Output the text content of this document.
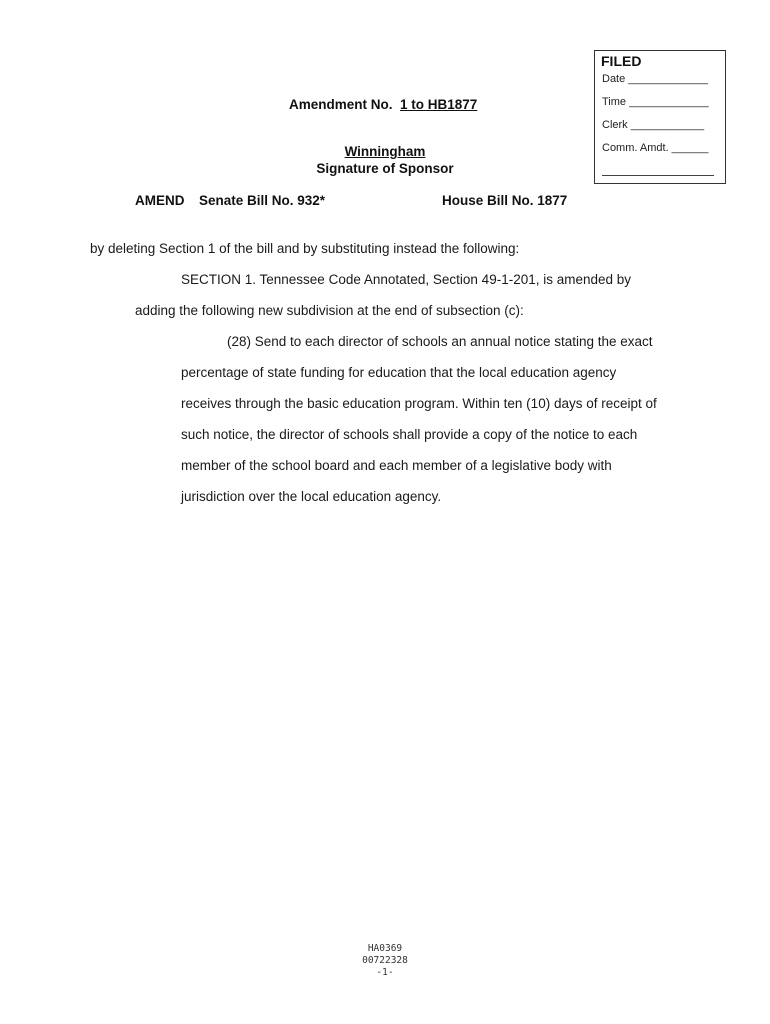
FILED
Date _____________
Time _____________
Clerk ____________
Comm. Amdt. ______
Amendment No. 1 to HB1877
Winningham
Signature of Sponsor
AMEND Senate Bill No. 932*	House Bill No. 1877
by deleting Section 1 of the bill and by substituting instead the following:
SECTION 1. Tennessee Code Annotated, Section 49-1-201, is amended by
adding the following new subdivision at the end of subsection (c):
(28) Send to each director of schools an annual notice stating the exact
percentage of state funding for education that the local education agency
receives through the basic education program. Within ten (10) days of receipt of
such notice, the director of schools shall provide a copy of the notice to each
member of the school board and each member of a legislative body with
jurisdiction over the local education agency.
HA0369
00722328
-1-
